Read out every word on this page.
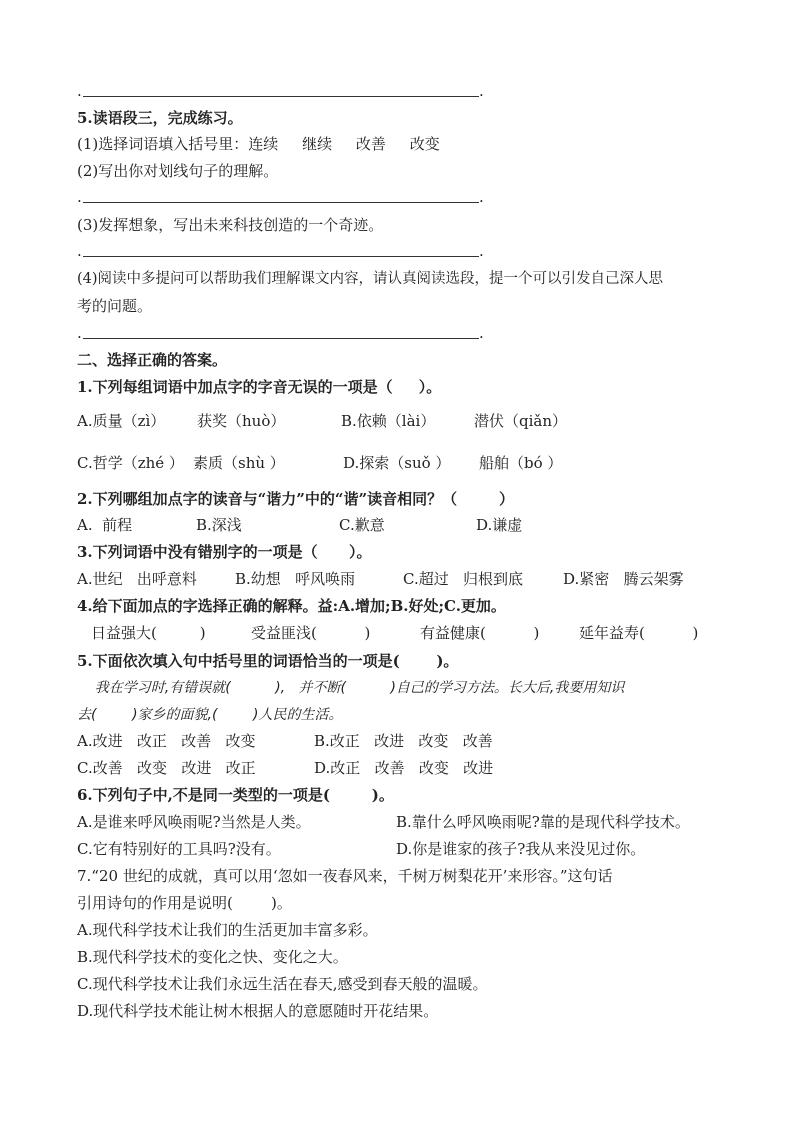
.	.
5.读语段三，完成练习。
(1)选择词语填入括号里：连续     继续     改善     改变
(2)写出你对划线句子的理解。
.	.
(3)发挥想象，写出未来科技创造的一个奇迹。
.	.
(4)阅读中多提问可以帮助我们理解课文内容，请认真阅读选段，提一个可以引发自己深人思
考的问题。
.	.
二、选择正确的答案。
1.下列每组词语中加点字的字音无误的一项是（     ）。

A.质量（zì）

获奖（huò）

	B.依赖（lài）

	潜伏（qiǎn）

C.哲学（zhé ）

素质（shù ）

	D.探索（suǒ ）

船舶（bó ）

2.下列哪组加点字的读音与“谐力”中的“谐”读音相同？（        ）

A.  前程

	B.深浅

	C.歉意

	D.谦虚

3.下列词语中没有错别字的一项是（      ）。

A.世纪   出呼意料

	B.幼想   呼风唤雨

	C.超过   归根到底

	D.紧密   腾云架雾

4.给下面加点的字选择正确的解释。益:A.增加;B.好处;C.更加。

日益强大(         )

	受益匪浅(          )

	有益健康(          )

	延年益寿(          )

5.下面依次填入句中括号里的词语恰当的一项是(       )。
我在学习时,有错误就(          ),   并不断(          )自己的学习方法。长大后,我要用知识
去(        )家乡的面貌,(        )人民的生活。

A.改进   改正   改善   改变

	B.改正   改进   改变   改善

C.改善   改变   改进   改正

	D.改正   改善   改变   改进

6.下列句子中,不是同一类型的一项是(        )。

A.是谁来呼风唤雨呢?当然是人类。

	B.靠什么呼风唤雨呢?靠的是现代科学技术。

C.它有特别好的工具吗?没有。

	D.你是谁家的孩子?我从来没见过你。

7.“20 世纪的成就，真可以用‘忽如一夜春风来，千树万树梨花开’来形容。”这句话
引用诗句的作用是说明(        )。
A.现代科学技术让我们的生活更加丰富多彩。
B.现代科学技术的变化之快、变化之大。
C.现代科学技术让我们永远生活在春天,感受到春天般的温暖。
D.现代科学技术能让树木根据人的意愿随时开花结果。
